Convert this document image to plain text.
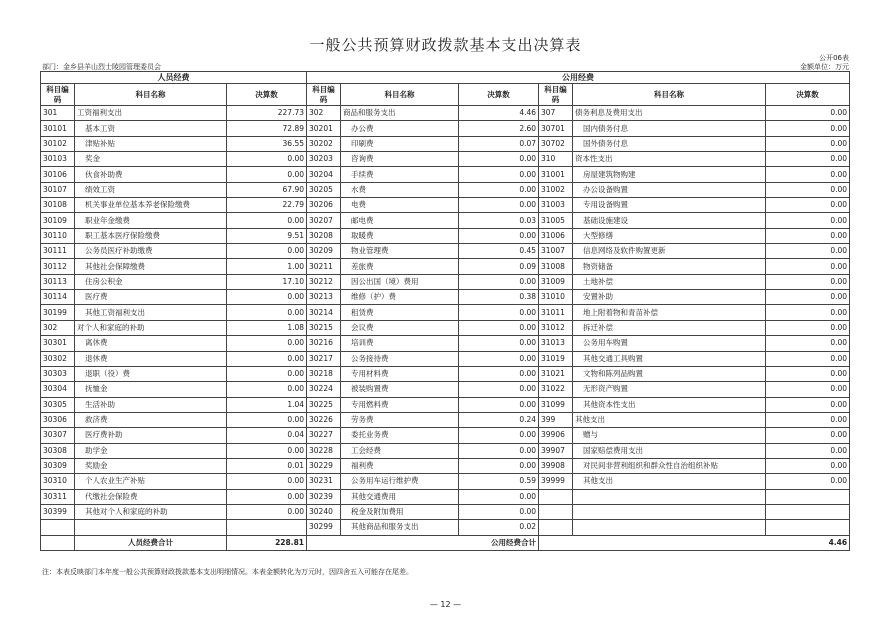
一般公共预算财政拨款基本支出决算表
公开06表
部门：金乡县羊山烈士陵园管理委员会	金额单位：万元
人员经费			公用经费					
科目编码	科目名称	决算数	科目编码	科目名称	决算数	科目编码	科目名称	决算数
301	工资福利支出	227.73	302	商品和服务支出	4.46	307	债务利息及费用支出	0.00
30101	基本工资	72.89	30201	办公费	2.60	30701	国内债务付息	0.00
30102	津贴补贴	36.55	30202	印刷费	0.07	30702	国外债务付息	0.00
30103	奖金	0.00	30203	咨询费	0.00	310	资本性支出	0.00
30106	伙食补助费	0.00	30204	手续费	0.00	31001	房屋建筑物购建	0.00
30107	绩效工资	67.90	30205	水费	0.00	31002	办公设备购置	0.00
30108	机关事业单位基本养老保险缴费	22.79	30206	电费	0.00	31003	专用设备购置	0.00
30109	职业年金缴费	0.00	30207	邮电费	0.03	31005	基础设施建设	0.00
30110	职工基本医疗保险缴费	9.51	30208	取暖费	0.00	31006	大型修缮	0.00
30111	公务员医疗补助缴费	0.00	30209	物业管理费	0.45	31007	信息网络及软件购置更新	0.00
30112	其他社会保障缴费	1.00	30211	差旅费	0.09	31008	物资储备	0.00
30113	住房公积金	17.10	30212	因公出国（境）费用	0.00	31009	土地补偿	0.00
30114	医疗费	0.00	30213	维修（护）费	0.38	31010	安置补助	0.00
30199	其他工资福利支出	0.00	30214	租赁费	0.00	31011	地上附着物和青苗补偿	0.00
302	对个人和家庭的补助	1.08	30215	会议费	0.00	31012	拆迁补偿	0.00
30301	离休费	0.00	30216	培训费	0.00	31013	公务用车购置	0.00
30302	退休费	0.00	30217	公务接待费	0.00	31019	其他交通工具购置	0.00
30303	退职（役）费	0.00	30218	专用材料费	0.00	31021	文物和陈列品购置	0.00
30304	抚恤金	0.00	30224	被装购置费	0.00	31022	无形资产购置	0.00
30305	生活补助	1.04	30225	专用燃料费	0.00	31099	其他资本性支出	0.00
30306	救济费	0.00	30226	劳务费	0.24	399	其他支出	0.00
30307	医疗费补助	0.04	30227	委托业务费	0.00	39906	赠与	0.00
30308	助学金	0.00	30228	工会经费	0.00	39907	国家赔偿费用支出	0.00
30309	奖励金	0.01	30229	福利费	0.00	39908	对民间非营利组织和群众性自治组织补贴	0.00
30310	个人农业生产补贴	0.00	30231	公务用车运行维护费	0.59	39999	其他支出	0.00
30311	代缴社会保险费	0.00	30239	其他交通费用	0.00			
30399	其他对个人和家庭的补助	0.00	30240	税金及附加费用	0.00			
			30299	其他商品和服务支出	0.02			
	人员经费合计	228.81	公用经费合计			4.46		
注：本表反映部门本年度一般公共预算财政拨款基本支出明细情况。本表金额转化为万元时，因四舍五入可能存在尾差。
— 12 —
